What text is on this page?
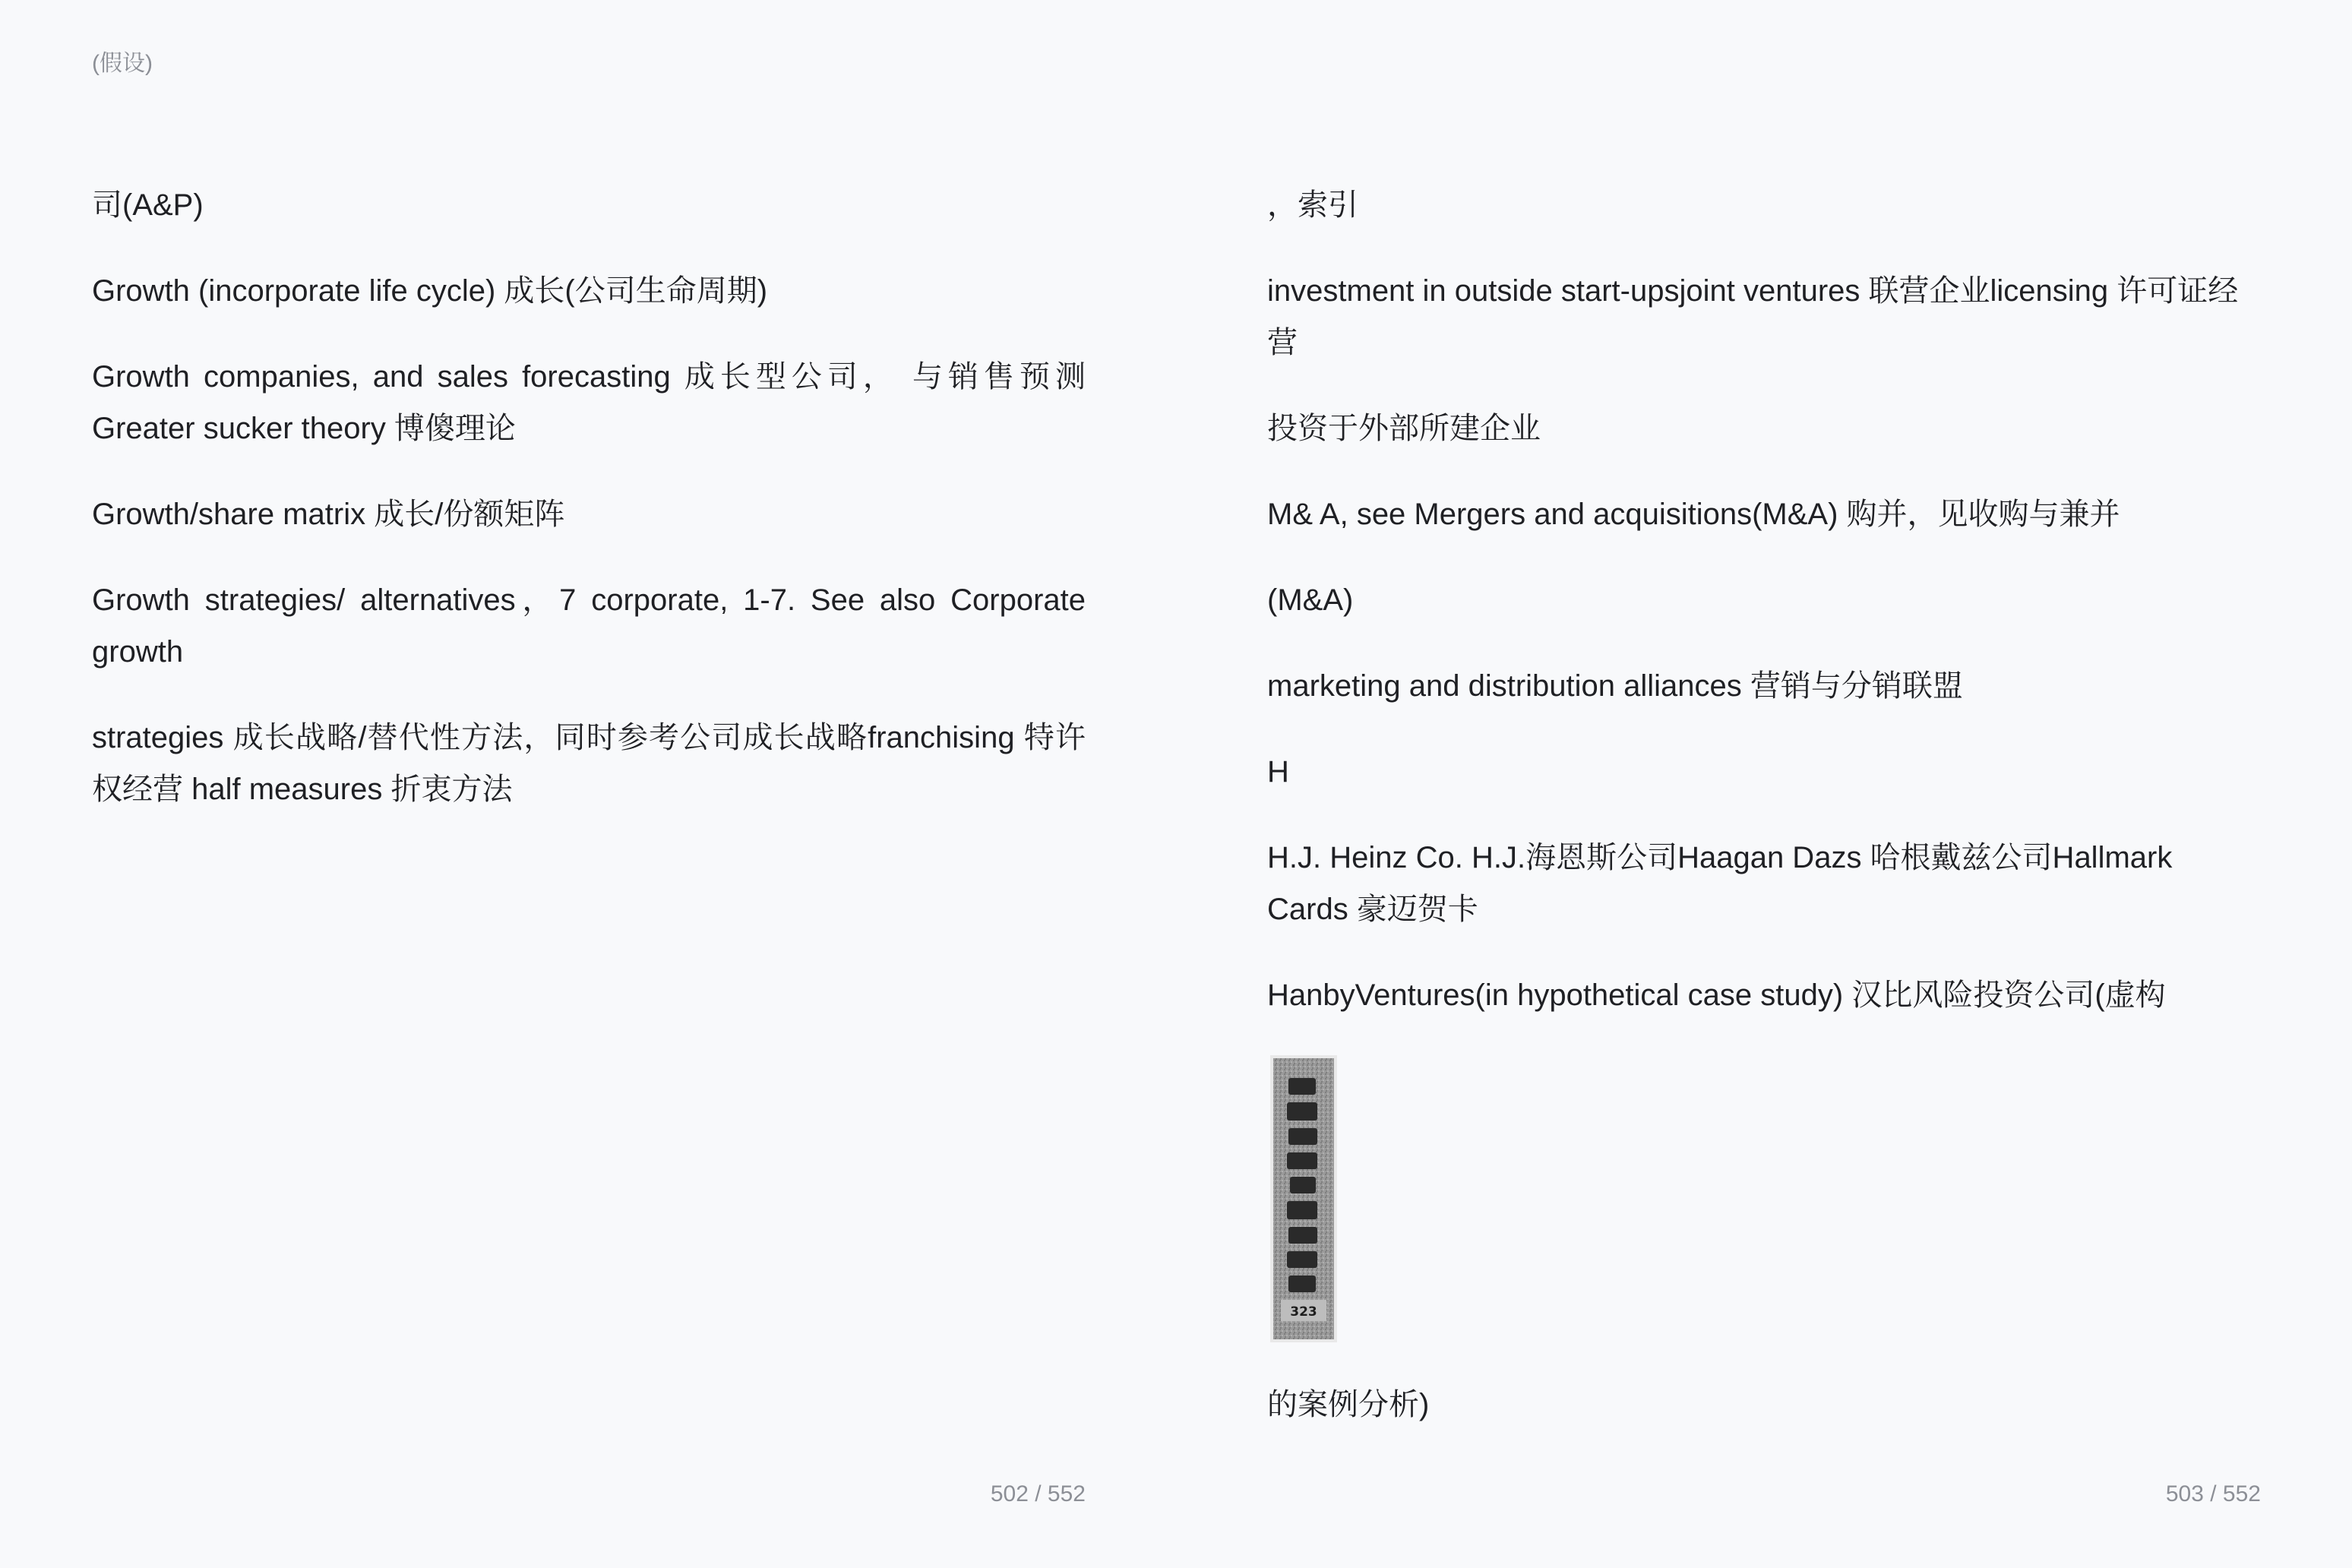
(假设)

司(A&P)

Growth (incorporate life cycle) 成长(公司生命周期)

Growth companies, and sales forecasting 成长型公司， 与销售预测 Greater sucker theory 博傻理论

Growth/share matrix 成长/份额矩阵

Growth strategies/ alternatives，7 corporate, 1-7. See also Corporate growth

strategies 成长战略/替代性方法，同时参考公司成长战略franchising 特许权经营 half measures 折衷方法

，索引

investment in outside start-upsjoint ventures 联营企业licensing 许可证经营

投资于外部所建企业

M& A, see Mergers and acquisitions(M&A) 购并，见收购与兼并

(M&A)

marketing and distribution alliances 营销与分销联盟

H

H.J. Heinz Co. H.J.海恩斯公司Haagan Dazs 哈根戴兹公司Hallmark Cards 豪迈贺卡

HanbyVentures(in hypothetical case study) 汉比风险投资公司(虚构

323

的案例分析)

502 / 552	503 / 552
